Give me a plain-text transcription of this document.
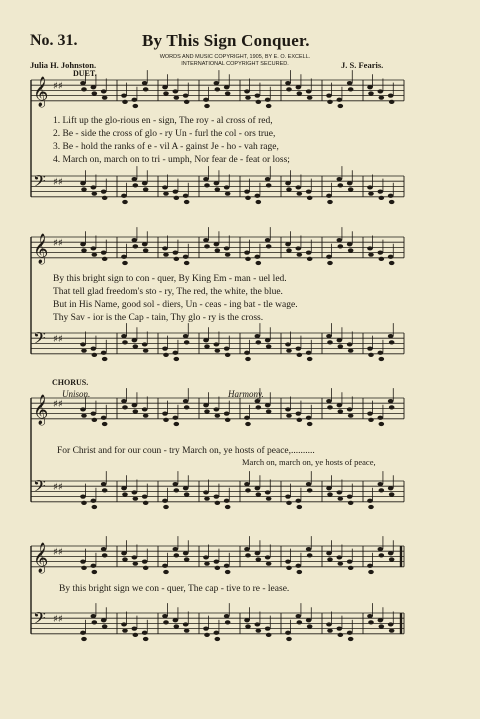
No. 31.	By This Sign Conquer.
WORDS AND MUSIC COPYRIGHT, 1905, BY E. O. EXCELL.
INTERNATIONAL COPYRIGHT SECURED.
Julia H. Johnston.	J. S. Fearis.
DUET.
𝄞 ♯♯
𝄢 ♯♯
𝄞 ♯♯
𝄢 ♯♯
𝄞 ♯♯
𝄢 ♯♯
𝄞 ♯♯
𝄢 ♯♯
1. Lift up the glo-rious en - sign, The roy - al cross of red,
2. Be - side the cross of glo - ry Un - furl the col - ors true,
3. Be - hold the ranks of e - vil A - gainst Je - ho - vah rage,
4. March on, march on to tri - umph, Nor fear de - feat or loss;
By this bright sign to con - quer, By King Em - man - uel led.
That tell glad freedom's sto - ry, The red, the white, the blue.
But in His Name, good sol - diers, Un - ceas - ing bat - tle wage.
Thy Sav - ior is the Cap - tain, Thy glo - ry is the cross.
CHORUS.
Unison.	Harmony.
For Christ and for our coun - try March on, ye hosts of peace,..........
March on, march on, ye hosts of peace,
By this bright sign we con - quer, The cap - tive to re - lease.
